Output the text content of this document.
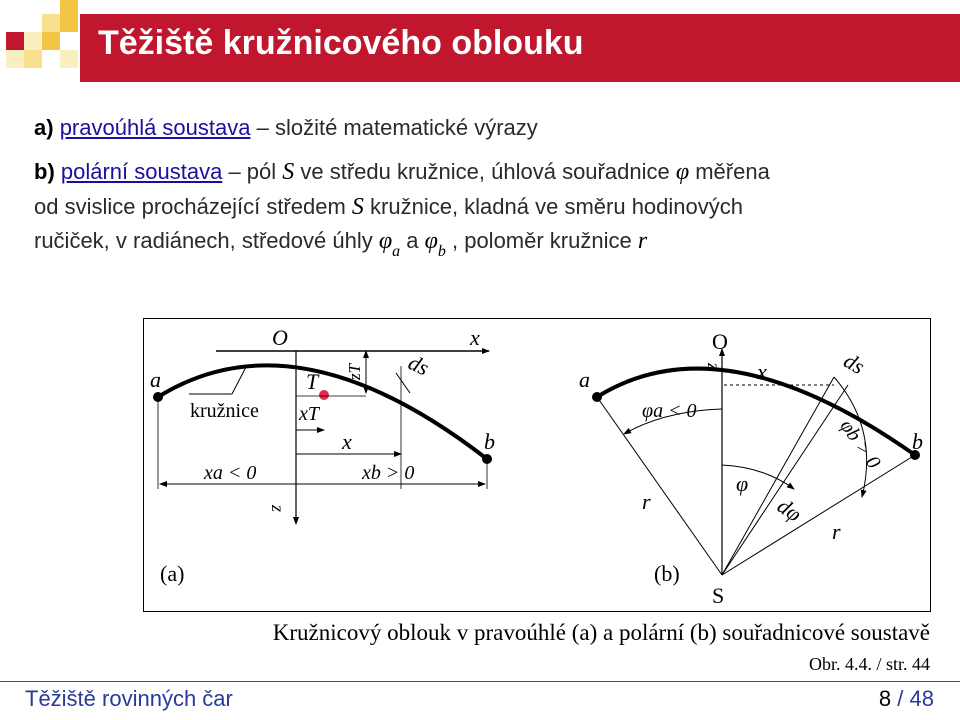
Těžiště kružnicového oblouku
a) pravoúhlá soustava – složité matematické výrazy
b) polární soustava – pól S ve středu kružnice, úhlová souřadnice φ měřena
od svislice procházející středem S kružnice, kladná ve směru hodinových
ručiček, v radiánech, středové úhly $\varphi_a$ a $\varphi_b$ , poloměr kružnice r
O	x
a
b
T zT ds
kružnice xT
x
xa < 0	xb > 0
z
(a)
O
z x	ds
a
b
φa < 0
φb > 0
φ
dφ
r
r
S
(b)
Kružnicový oblouk v pravoúhlé (a) a polární (b) souřadnicové soustavě
Obr. 4.4. / str. 44
Těžiště rovinných čar	8 / 48
